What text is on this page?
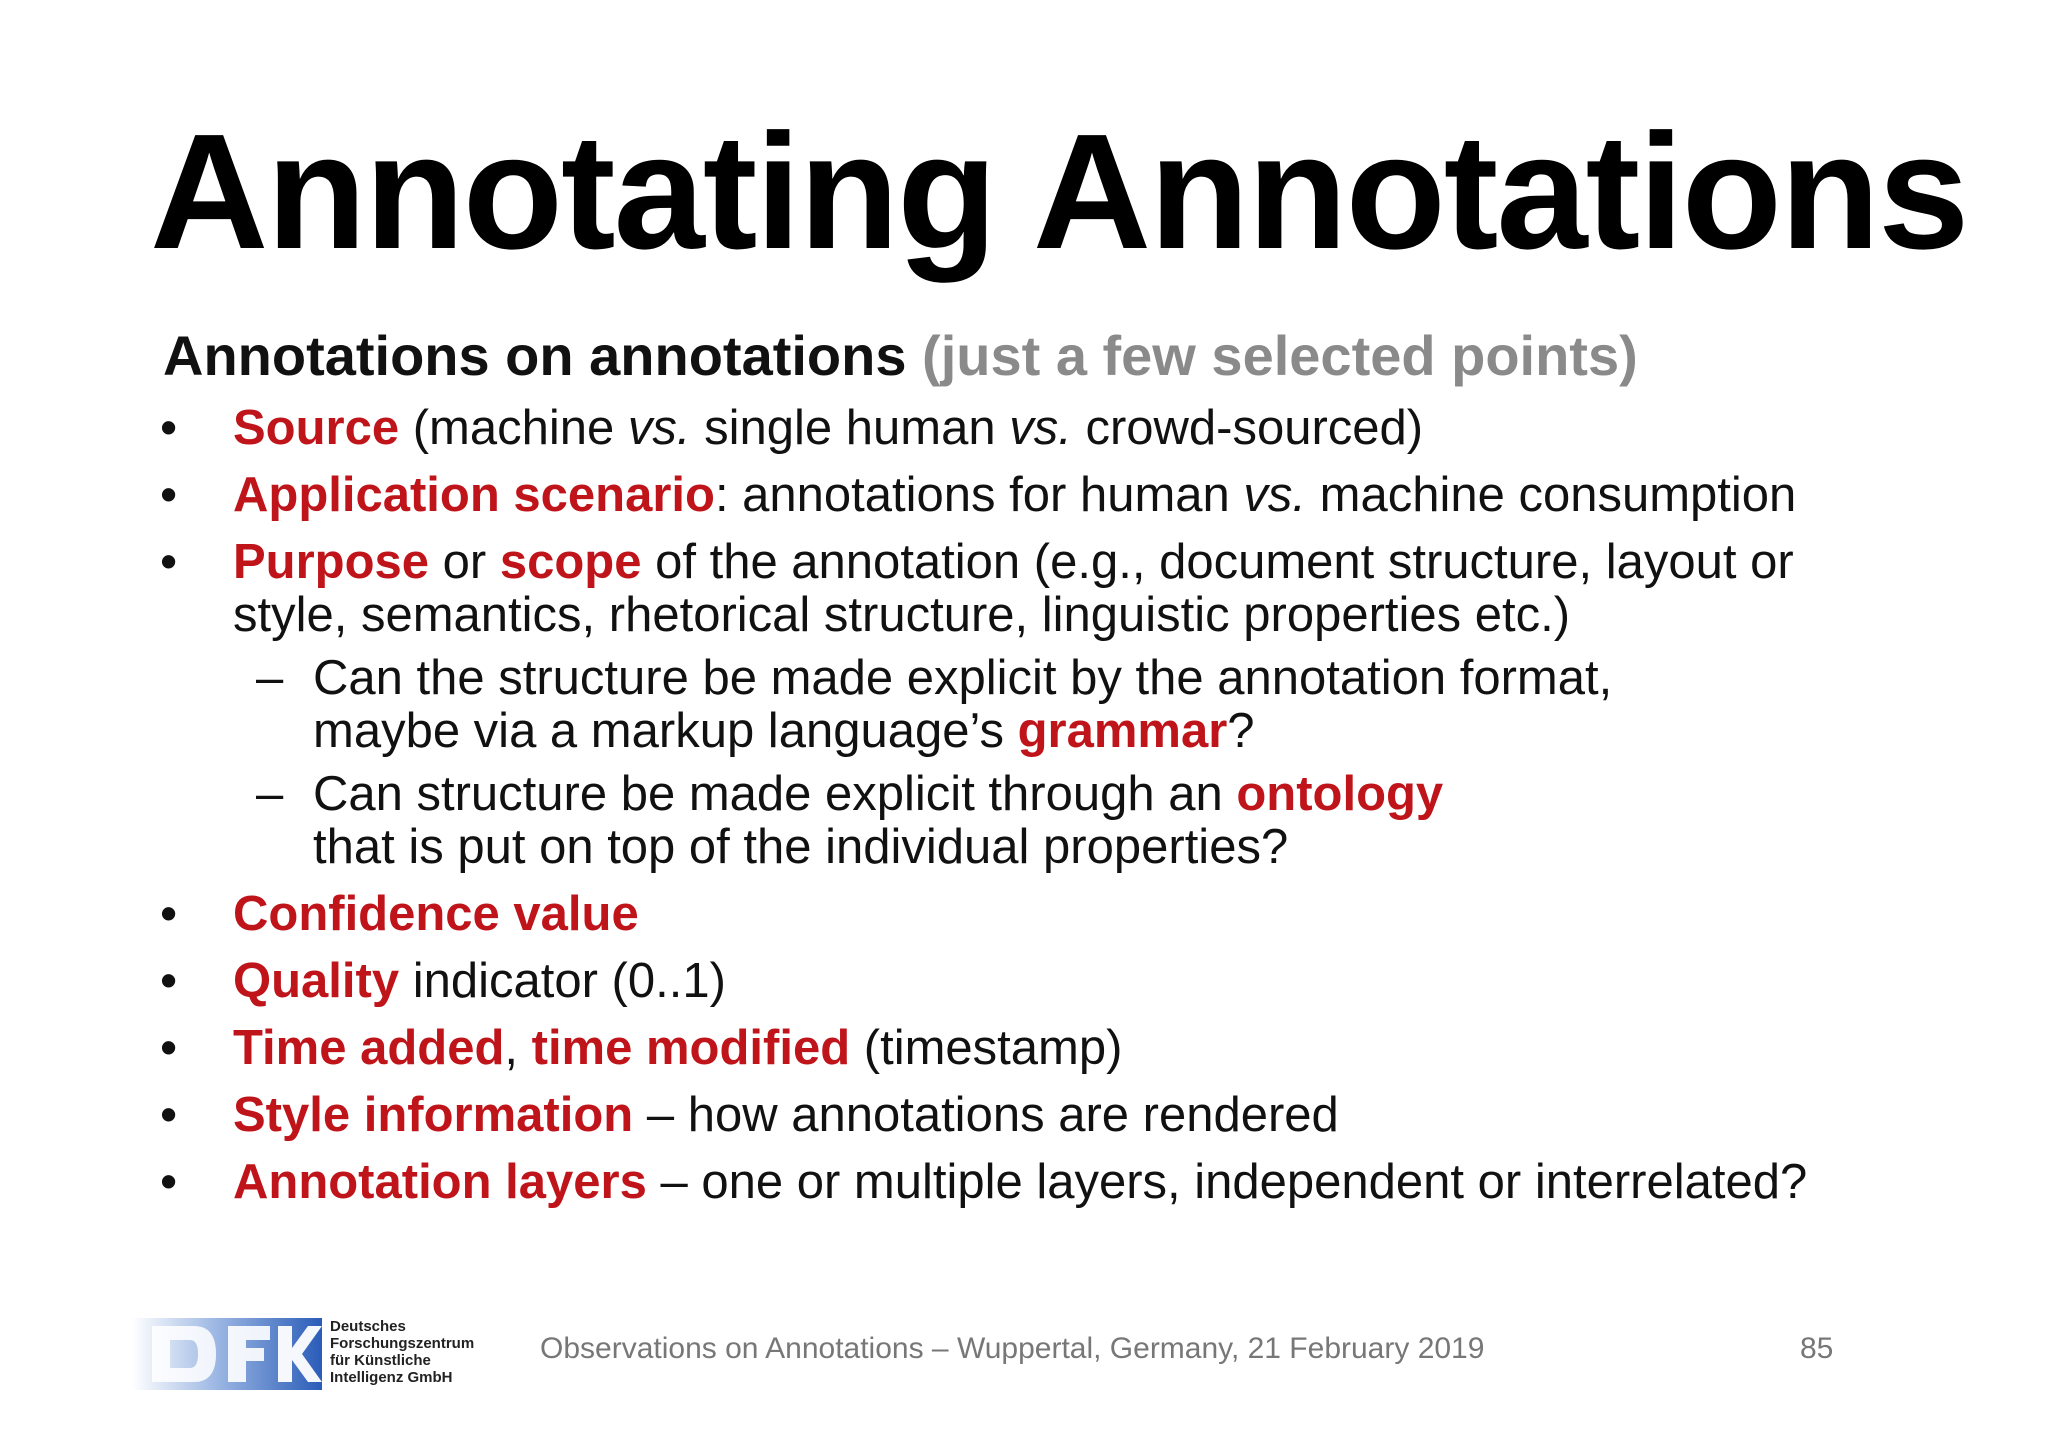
Annotating Annotations
Annotations on annotations (just a few selected points)
•	Source (machine vs. single human vs. crowd-sourced)
•	Application scenario: annotations for human vs. machine consumption
•	Purpose or scope of the annotation (e.g., document structure, layout or
style, semantics, rhetorical structure, linguistic properties etc.)
– Can the structure be made explicit by the annotation format,
maybe via a markup language’s grammar?
– Can structure be made explicit through an ontology
that is put on top of the individual properties?
•	Confidence value
•	Quality indicator (0..1)
•	Time added, time modified (timestamp)
•	Style information – how annotations are rendered
•	Annotation layers – one or multiple layers, independent or interrelated?
Deutsches
Forschungszentrum
für Künstliche
Intelligenz GmbH
Observations on Annotations – Wuppertal, Germany, 21 February 2019	85
